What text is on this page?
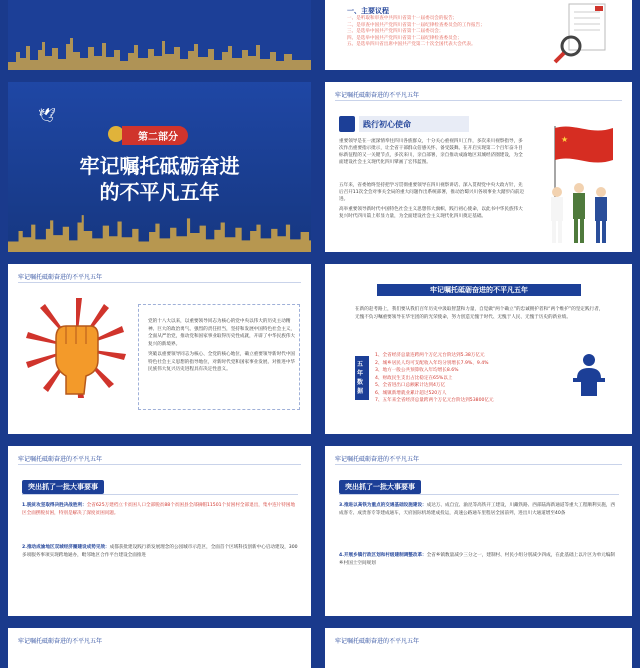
一、主要议程
一、是听取和审查中共四川省第十一届委员会的报告；
二、是审查中国共产党四川省第十一届纪律检查委员会的工作报告；
三、是选举中国共产党四川省第十二届委员会；
四、是选举中国共产党四川省第十二届纪律检查委员会；
五、是选举四川省出席中国共产党第二十次全国代表大会代表。
🕊
第二部分
牢记嘱托砥砺奋进
的不平凡五年
牢记嘱托砥砺奋进的不平凡五年
践行初心使命
重要领导是在一流深情奉往四川各族群众，十分关心重视四川工作，多次来川视察指导，多次作出重要指示批示，让全省干部群众倍感关怀、备受鼓舞。在开启实现第二个百年奋斗目标新征程的又一关键节点，多次来川，亲自部署，亲自推动成渝地区双城经济圈建设，为全面建设社会主义现代化四川擘画了宏伟蓝图。
五年来，省委始终坚持把学习贯彻重要领导在四川视察讲话、深入贯彻党中央大政方针，先后召开11次全会对事关全局的重大问题作出系统部署，推动治蜀兴川各项事业大踏步向前迈进。
高举重要领导新时代中国特色社会主义思想伟大旗帜，践行初心使命，以此书中华民族伟大复兴时代四川篇上彰显力量，为全面建设社会主义现代化四川奠定基础。
★
牢记嘱托砥砺奋进的不平凡五年
党的十八大以来，以重要领导同志为核心的党中央以伟大的历史主动精神、巨大的政治勇气、强烈的责任担当，坚持和发展中国特色社会主义，全面从严治党，推动党和国家事业取得历史性成就，开辟了中华民族伟大复兴的新境界。
突破以重要领导同志为核心、全党的核心地位，确立重要领导新时代中国特色社会主义思想的指导地位，对新时代党和国家事业发展、对推进中华民族伟大复兴历史进程具有决定性意义。
牢记嘱托砥砺奋进的不平凡五年
在新的赶考路上，我们要从我们百年历史中汲取智慧和力量，自觉做“两个确立”的忠诚拥护者和“两个维护”的坚定践行者，无愧不负习嘱重要领导在华宅团的的光荣使命，努力创造无愧于时代、无愧于人民、无愧于历史的新业绩。
五年数据
1、全省经济总量连跨两个万亿元台阶达到5.38万亿元
2、城乡居民人均可支配收入年均分别增长7.9%、9.4%
3、地方一般公共预算收入年均增长8.6%
4、财政民生支出占比稳定在65%以上
5、全省进出口总额累计达到4万亿
6、城镇新增就业累计超过520万人
7、五年来全省经济总量跨两个万亿元台阶达到53800亿元
牢记嘱托砥砺奋进的不平凡五年
突出抓了一批大事要事
1.脱贫攻坚取得决胜决战胜利：全省625万建档立卡贫困人口全部脱贫88个贫困县全部摘帽11501个贫困村全部退出，集中连片特困地区全面摆脱贫困，特别是解决了深度贫困问题。
2.推动成渝地区双城经济圈建设成势见效：成都获批建设践行新发展理念的公园城市示范区，全面首个区域科技创新中心启动建设，300多项服务事项实现跨地通办，毗邻地区合作平台建设全面推进
牢记嘱托砥砺奋进的不平凡五年
突出抓了一批大事要事
3.推进以高铁为重点的交通基础设施建设：成达万、成自宜、渝昆等高铁开工建设，川藏铁路、西部陆海新通道等重大工程顺利实施，西成客专、成贵客专等建成通车，天府国际机场建成投运，高速公路通车里程居全国前列，进出川大通道增至40条
4.开展乡镇行政区划和村级建制调整改革：全省乡镇数量减少三分之一，建制村、村民小组分别减少四成，在此基础上以片区为单元编制乡村国土空间规划
牢记嘱托砥砺奋进的不平凡五年	牢记嘱托砥砺奋进的不平凡五年
